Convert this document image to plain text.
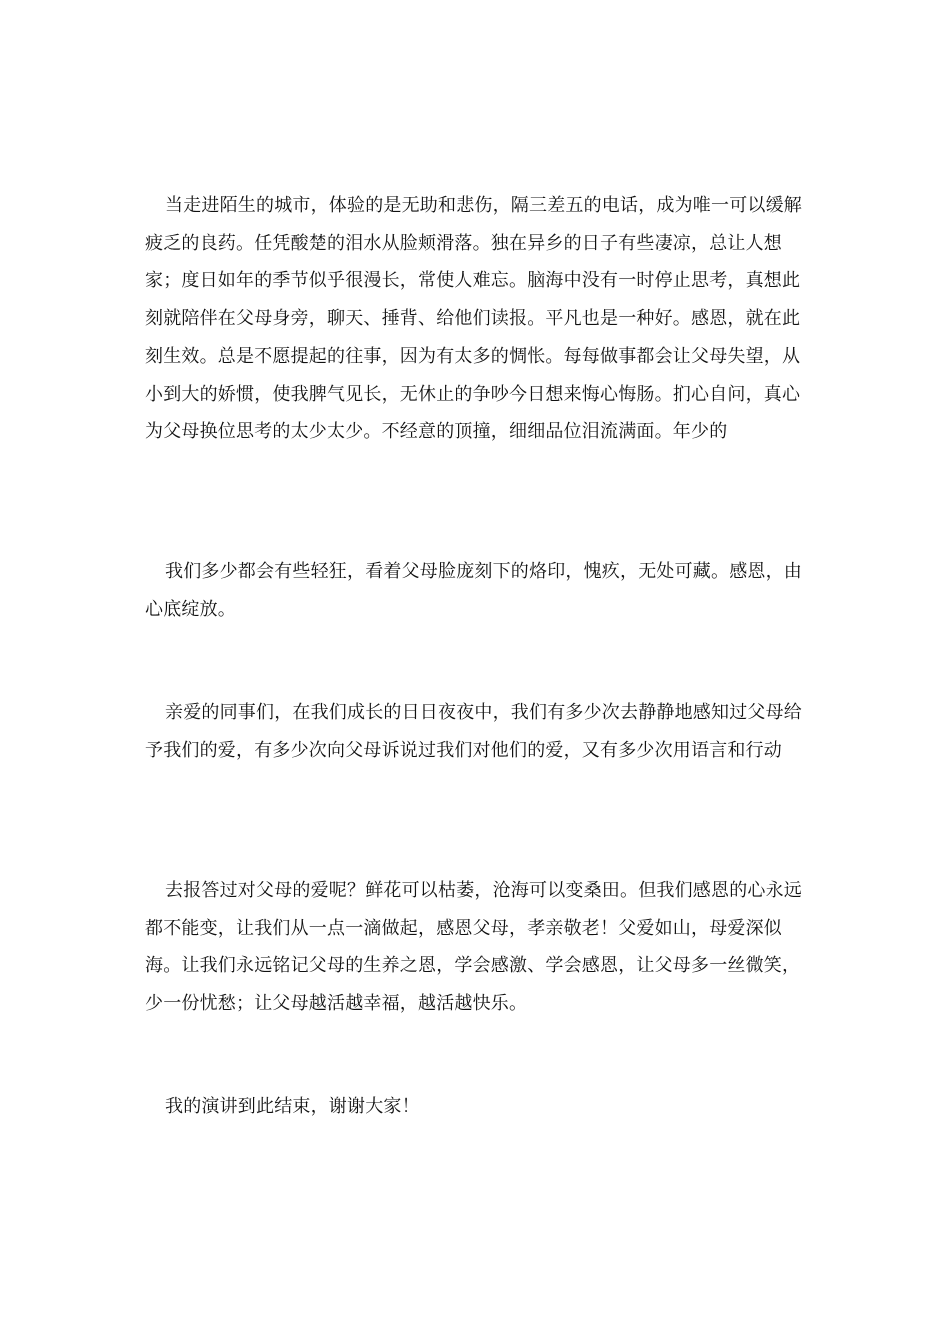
当走进陌生的城市，体验的是无助和悲伤，隔三差五的电话，成为唯一可以缓解疲乏的良药。任凭酸楚的泪水从脸颊滑落。独在异乡的日子有些凄凉，总让人想家；度日如年的季节似乎很漫长，常使人难忘。脑海中没有一时停止思考，真想此刻就陪伴在父母身旁，聊天、捶背、给他们读报。平凡也是一种好。感恩，就在此刻生效。总是不愿提起的往事，因为有太多的惆怅。每每做事都会让父母失望，从小到大的娇惯，使我脾气见长，无休止的争吵今日想来悔心悔肠。扪心自问，真心为父母换位思考的太少太少。不经意的顶撞，细细品位泪流满面。年少的

我们多少都会有些轻狂，看着父母脸庞刻下的烙印，愧疚，无处可藏。感恩，由心底绽放。

亲爱的同事们，在我们成长的日日夜夜中，我们有多少次去静静地感知过父母给予我们的爱，有多少次向父母诉说过我们对他们的爱，又有多少次用语言和行动

去报答过对父母的爱呢？鲜花可以枯萎，沧海可以变桑田。但我们感恩的心永远都不能变，让我们从一点一滴做起，感恩父母，孝亲敬老！父爱如山，母爱深似海。让我们永远铭记父母的生养之恩，学会感激、学会感恩，让父母多一丝微笑，少一份忧愁；让父母越活越幸福，越活越快乐。

我的演讲到此结束，谢谢大家！
